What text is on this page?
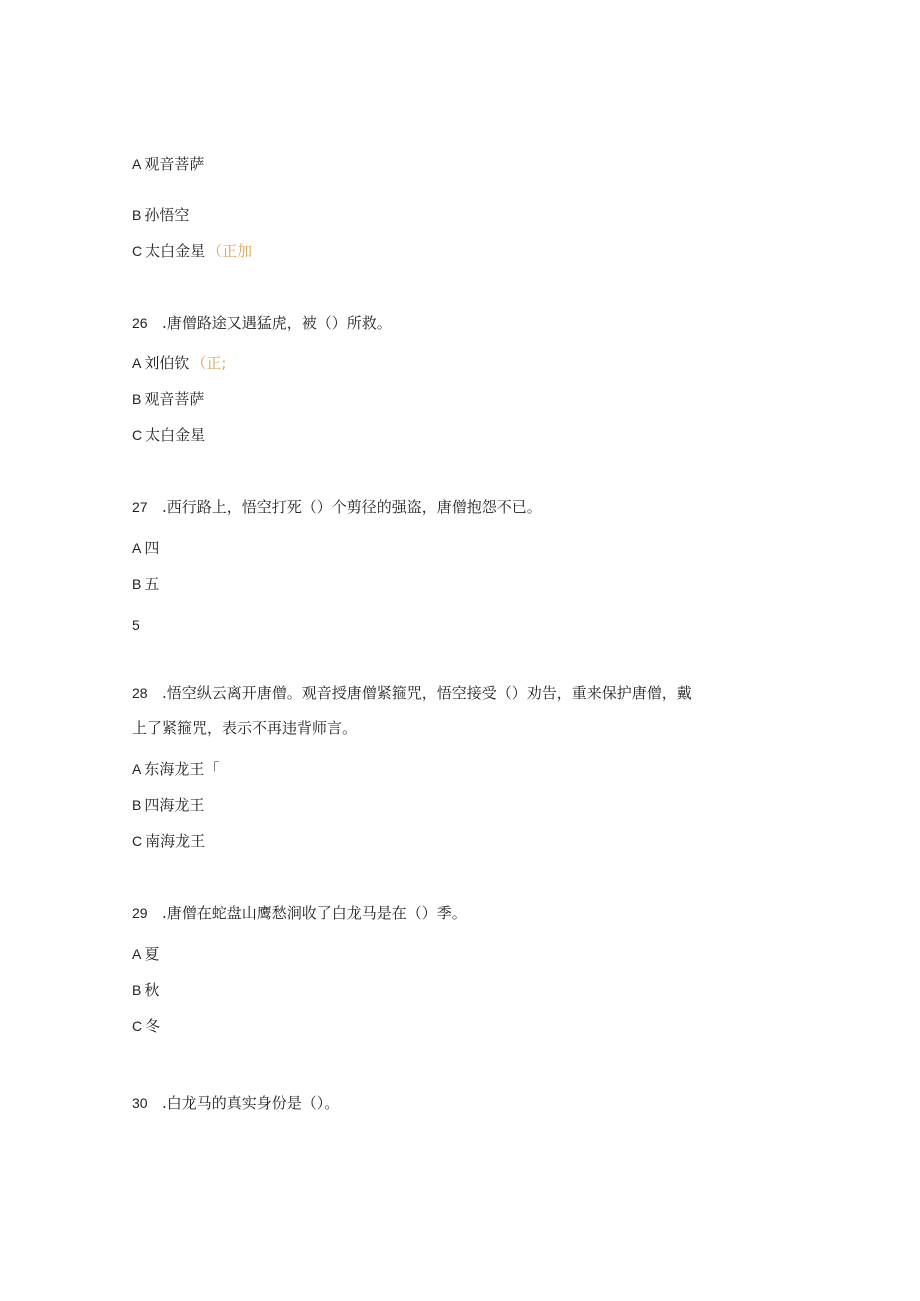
A 观音菩萨
B 孙悟空
C 太白金星 （正加
26 .唐僧路途又遇猛虎，被（）所救。
A 刘伯钦 （正;
B 观音菩萨
C 太白金星
27 .西行路上，悟空打死（）个剪径的强盗，唐僧抱怨不已。
A 四
B 五
5
28 .悟空纵云离开唐僧。观音授唐僧紧箍咒，悟空接受（）劝告，重来保护唐僧，戴
上了紧箍咒，表示不再违背师言。
A 东海龙王「
B 四海龙王
C 南海龙王
29 .唐僧在蛇盘山鹰愁涧收了白龙马是在（）季。
A 夏
B 秋
C 冬
30 .白龙马的真实身份是（）。
